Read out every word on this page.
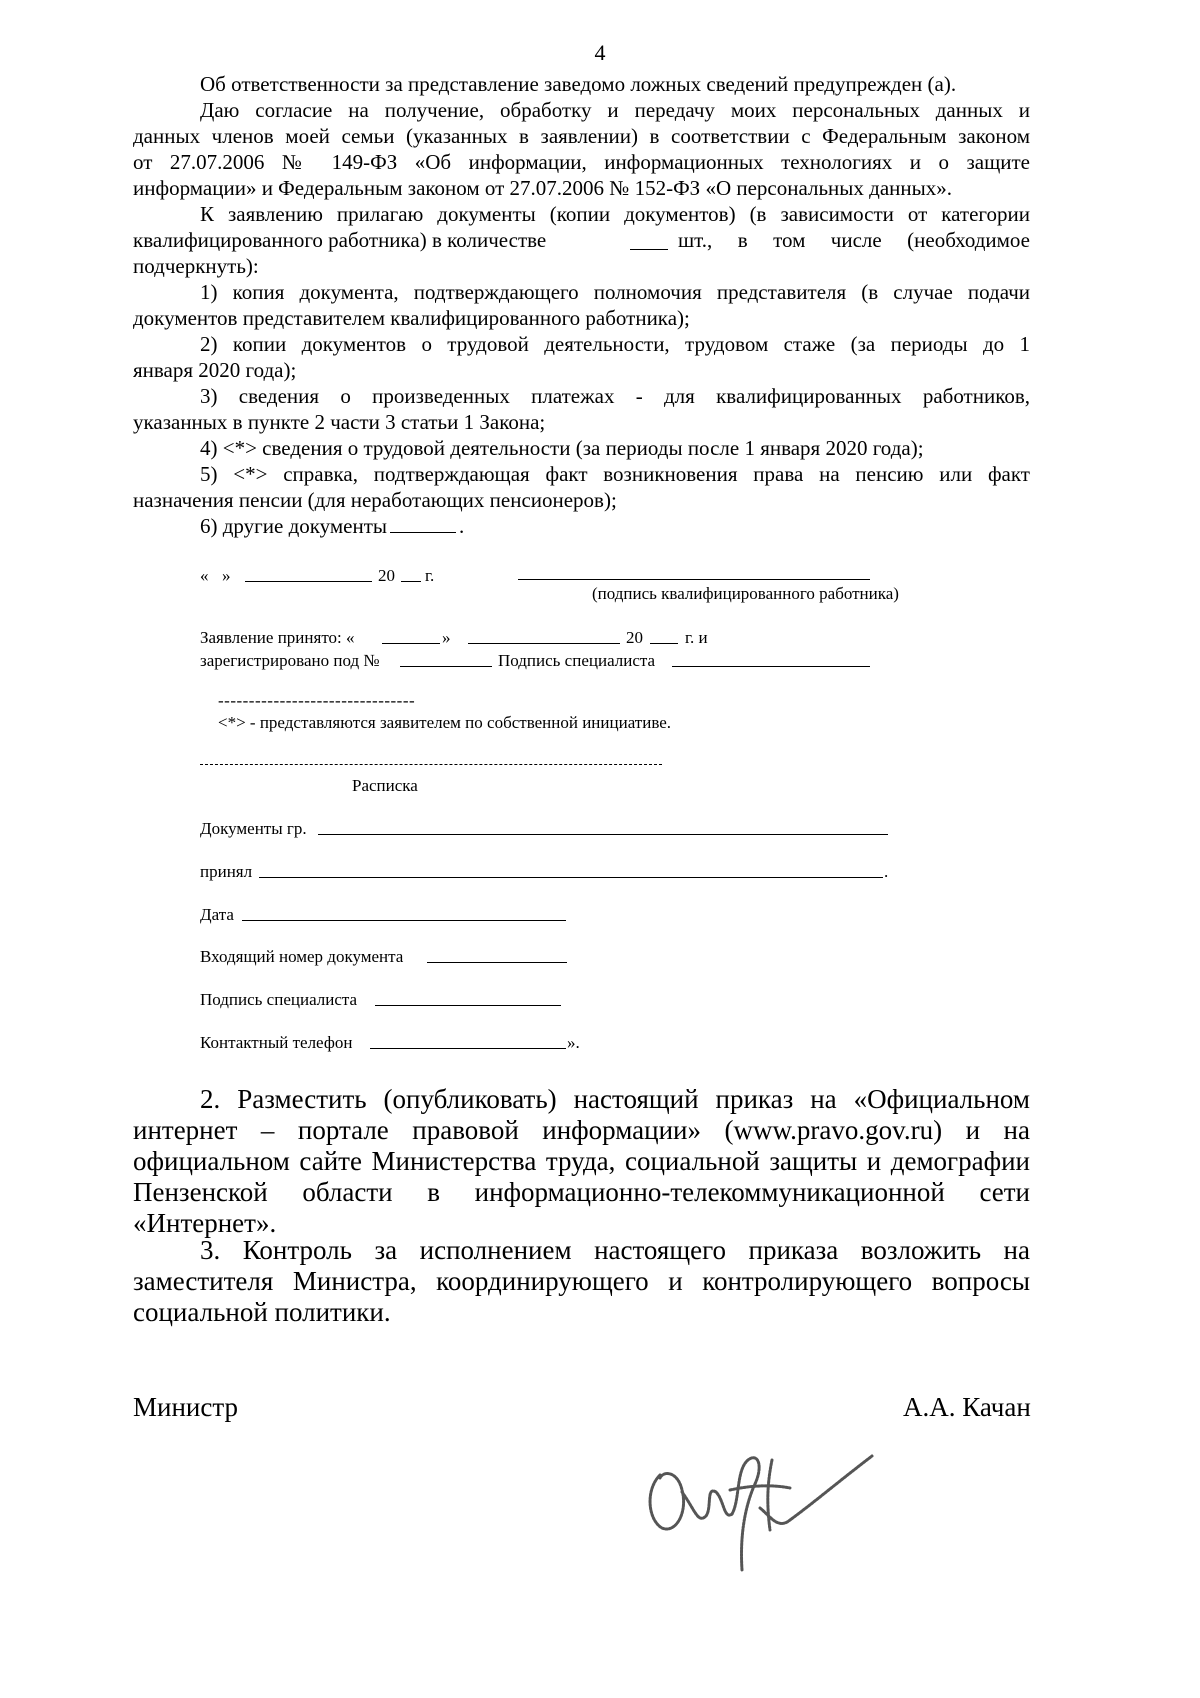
4
Об ответственности за представление заведомо ложных сведений предупрежден (а).
Даю согласие на получение, обработку и передачу моих персональных данных и
данных членов моей семьи (указанных в заявлении) в соответствии с Федеральным законом
от 27.07.2006 № 149-ФЗ «Об информации, информационных технологиях и о защите
информации» и Федеральным законом от 27.07.2006 № 152-ФЗ «О персональных данных».
К заявлению прилагаю документы (копии документов) (в зависимости от категории
квалифицированного работника) в количестве	шт., в том числе (необходимое
подчеркнуть):
1) копия документа, подтверждающего полномочия представителя (в случае подачи
документов представителем квалифицированного работника);
2) копии документов о трудовой деятельности, трудовом стаже (за периоды до 1
января 2020 года);
3) сведения о произведенных платежах - для квалифицированных работников,
указанных в пункте 2 части 3 статьи 1 Закона;
4) <*> сведения о трудовой деятельности (за периоды после 1 января 2020 года);
5) <*> справка, подтверждающая факт возникновения права на пенсию или факт
назначения пенсии (для неработающих пенсионеров);
6) другие документы	.
« »	20 г.
(подпись квалифицированного работника)
Заявление принято: «	»	20 г. и
зарегистрировано под №	Подпись специалиста
--------------------------------
<*> - представляются заявителем по собственной инициативе.
Расписка
Документы гр.
принял	.
Дата
Входящий номер документа
Подпись специалиста
Контактный телефон	».
2. Разместить (опубликовать) настоящий приказ на «Официальном
интернет – портале правовой информации» (www.pravo.gov.ru) и на
официальном сайте Министерства труда, социальной защиты и демографии
Пензенской области в информационно-телекоммуникационной сети
«Интернет».
3. Контроль за исполнением настоящего приказа возложить на
заместителя Министра, координирующего и контролирующего вопросы
социальной политики.
Министр	А.А. Качан
